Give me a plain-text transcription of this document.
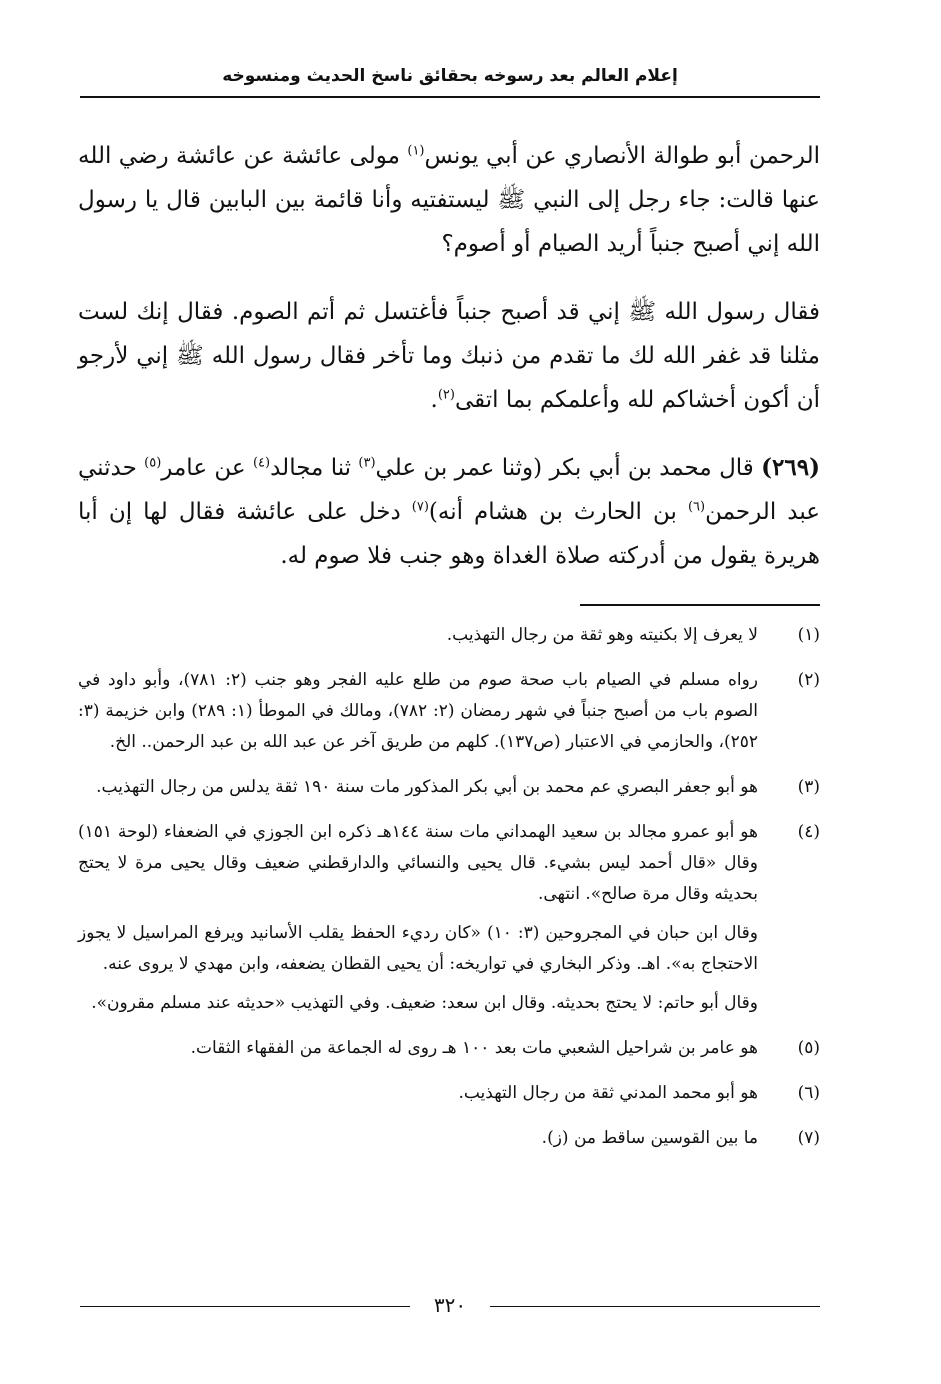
إعلام العالم بعد رسوخه بحقائق ناسخ الحديث ومنسوخه

الرحمن أبو طوالة الأنصاري عن أبي يونس$^{(١)}$ مولى عائشة عن عائشة رضي الله عنها قالت: جاء رجل إلى النبي ﷺ ليستفتيه وأنا قائمة بين البابين قال يا رسول الله إني أصبح جنباً أريد الصيام أو أصوم؟

فقال رسول الله ﷺ إني قد أصبح جنباً فأغتسل ثم أتم الصوم. فقال إنك لست مثلنا قد غفر الله لك ما تقدم من ذنبك وما تأخر فقال رسول الله ﷺ إني لأرجو أن أكون أخشاكم لله وأعلمكم بما اتقى$^{(٢)}$.

(٢٦٩) قال محمد بن أبي بكر (وثنا عمر بن علي$^{(٣)}$ ثنا مجالد$^{(٤)}$ عن عامر$^{(٥)}$ حدثني عبد الرحمن$^{(٦)}$ بن الحارث بن هشام أنه)$^{(٧)}$ دخل على عائشة فقال لها إن أبا هريرة يقول من أدركته صلاة الغداة وهو جنب فلا صوم له.

(١)

لا يعرف إلا بكنيته وهو ثقة من رجال التهذيب.

(٢)

رواه مسلم في الصيام باب صحة صوم من طلع عليه الفجر وهو جنب (٢: ٧٨١)، وأبو داود في الصوم باب من أصبح جنباً في شهر رمضان (٢: ٧٨٢)، ومالك في الموطأ (١: ٢٨٩) وابن خزيمة (٣: ٢٥٢)، والحازمي في الاعتبار (ص١٣٧). كلهم من طريق آخر عن عبد الله بن عبد الرحمن.. الخ.

(٣)

هو أبو جعفر البصري عم محمد بن أبي بكر المذكور مات سنة ١٩٠ ثقة يدلس من رجال التهذيب.

(٤)

هو أبو عمرو مجالد بن سعيد الهمداني مات سنة ١٤٤هـ ذكره ابن الجوزي في الضعفاء (لوحة ١٥١) وقال «قال أحمد ليس بشيء. قال يحيى والنسائي والدارقطني ضعيف وقال يحيى مرة لا يحتج بحديثه وقال مرة صالح». انتهى.

وقال ابن حبان في المجروحين (٣: ١٠) «كان رديء الحفظ يقلب الأسانيد ويرفع المراسيل لا يجوز الاحتجاج به». اهـ. وذكر البخاري في تواريخه: أن يحيى القطان يضعفه، وابن مهدي لا يروى عنه.

وقال أبو حاتم: لا يحتج بحديثه. وقال ابن سعد: ضعيف. وفي التهذيب «حديثه عند مسلم مقرون».

(٥)

هو عامر بن شراحيل الشعبي مات بعد ١٠٠ هـ روى له الجماعة من الفقهاء الثقات.

(٦)

هو أبو محمد المدني ثقة من رجال التهذيب.

(٧)

ما بين القوسين ساقط من (ز).

٣٢٠
